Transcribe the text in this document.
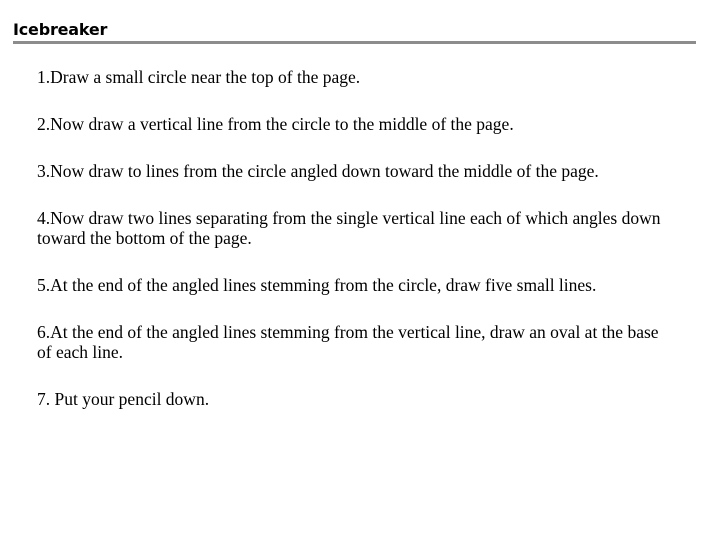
Icebreaker
1.Draw a small circle near the top of the page.
2.Now draw a vertical line from the circle to the middle of the page.
3.Now draw to lines from the circle angled down toward the middle of the page.
4.Now draw two lines separating from the single vertical line each of which angles down toward the bottom of the page.
5.At the end of the angled lines stemming from the circle, draw five small lines.
6.At the end of the angled lines stemming from the vertical line, draw an oval at the base of each line.
7. Put your pencil down.
